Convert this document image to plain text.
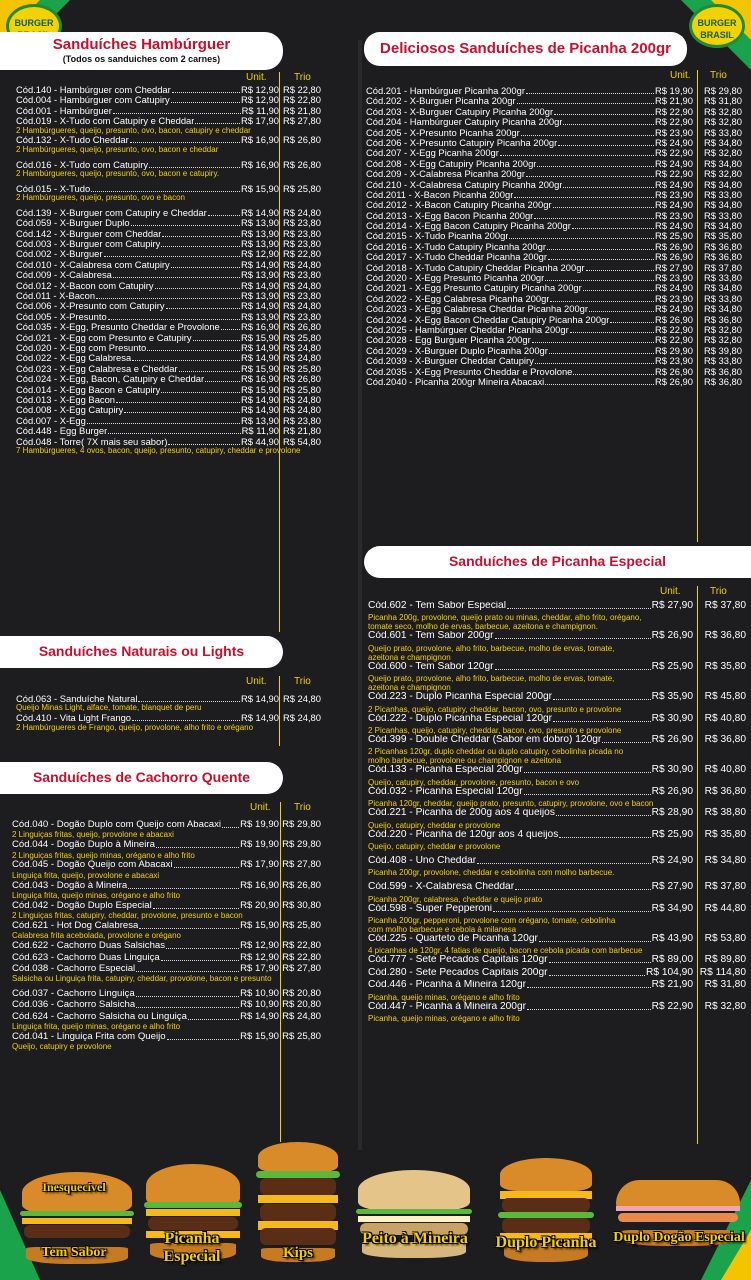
BURGER	BURGER BRASIL
Sanduíches Hambúrguer
(Todos os sanduiches com 2 carnes)
Unit.	Trio
Cód.140 - Hambúrguer com Cheddar	R$ 12,90 R$ 22,80
Cód.004 - Hambúrguer com Catupiry	R$ 12,90 R$ 22,80
Cód.001 - Hambúrguer	R$ 11,90 R$ 21,80
Cód.019 - X-Tudo com Catupiry e Cheddar	R$ 17,90 R$ 27,80
2 Hambúrgueres, queijo, presunto, ovo, bacon, catupiry e cheddar
Cód.132 - X-Tudo Cheddar	R$ 16,90 R$ 26,80
2 Hambúrgueres, queijo, presunto, ovo, bacon e cheddar
Cód.016 - X-Tudo com Catupiry	R$ 16,90 R$ 26,80
2 Hambúrgueres, queijo, presunto, ovo, bacon e catupiry.
Cód.015 - X-Tudo	R$ 15,90 R$ 25,80
2 Hambúrgueres, queijo, presunto, ovo e bacon
Cód.139 - X-Burguer com Catupiry e Cheddar	R$ 14,90 R$ 24,80
Cód.059 - X-Burguer Duplo	R$ 13,90 R$ 23,80
Cód.142 - X-Burguer com Cheddar	R$ 13,90 R$ 23,80
Cód.003 - X-Burguer com Catupiry	R$ 13,90 R$ 23,80
Cód.002 - X-Burguer	R$ 12,90 R$ 22,80
Cód.010 - X-Calabresa com Catupiry	R$ 14,90 R$ 24,80
Cód.009 - X-Calabresa	R$ 13,90 R$ 23,80
Cód.012 - X-Bacon com Catupiry	R$ 14,90 R$ 24,80
Cód.011 - X-Bacon	R$ 13,90 R$ 23,80
Cód.006 - X-Presunto com Catupiry	R$ 14,90 R$ 24,80
Cód.005 - X-Presunto	R$ 13,90 R$ 23,80
Cód.035 - X-Egg, Presunto Cheddar e Provolone R$ 16,90 R$ 26,80
Cód.021 - X-Egg com Presunto e Catupiry	R$ 15,90 R$ 25,80
Cód.020 - X-Egg com Presunto	R$ 14,90 R$ 24,80
Cód.022 - X-Egg Calabresa	R$ 14,90 R$ 24,80
Cód.023 - X-Egg Calabresa e Cheddar	R$ 15,90 R$ 25,80
Cód.024 - X-Egg, Bacon, Catupiry e Cheddar	R$ 16,90 R$ 26,80
Cód.014 - X-Egg Bacon e Catupiry	R$ 15,90 R$ 25,80
Cód.013 - X-Egg Bacon	R$ 14,90 R$ 24,80
Cód.008 - X-Egg Catupiry	R$ 14,90 R$ 24,80
Cód.007 - X-Egg	R$ 13,90 R$ 23,80
Cód.448 - Egg Burger	R$ 11,90 R$ 21,80
Cód.048 - Torre( 7X mais seu sabor)	R$ 44,90 R$ 54,80
7 Hambúrgueres, 4 ovos, bacon, queijo, presunto, catupiry, cheddar e provolone
Sanduíches Naturais ou Lights
Unit.	Trio
Cód.063 - Sanduíche Natural	R$ 14,90 R$ 24,80
Queijo Minas Light, alface, tomate, blanquet de peru
Cód.410 - Vita Light Frango	R$ 14,90 R$ 24,80
2 Hambúrgueres de Frango, queijo, provolone, alho frito e orégano
Sanduíches de Cachorro Quente
Unit. Trio
Cód.040 - Dogão Duplo com Queijo com Abacaxi R$ 19,90 R$ 29,80
2 Linguiças fritas, queijo, provolone e abacaxi
Cód.044 - Dogão Duplo à Mineira	R$ 19,90 R$ 29,80
2 Linguiças fritas, queijo minas, orégano e alho frito
Cód.045 - Dogão Queijo com Abacaxi	R$ 17,90 R$ 27,80
Linguiça frita, queijo, provolone e abacaxi
Cód.043 - Dogão à Mineira	R$ 16,90 R$ 26,80
Linguiça frita, queijo minas, orégano e alho frito
Cód.042 - Dogão Duplo Especial	R$ 20,90 R$ 30,80
2 Linguiças fritas, catupiry, cheddar, provolone, presunto e bacon
Cód.621 - Hot Dog Calabresa	R$ 15,90 R$ 25,80
Calabresa frita acebolada, provolone e orégano
Cód.622 - Cachorro Duas Salsichas	R$ 12,90 R$ 22,80
Cód.623 - Cachorro Duas Linguiça	R$ 12,90 R$ 22,80
Cód.038 - Cachorro Especial	R$ 17,90 R$ 27,80
Salsicha ou Linguiça frita, catupiry, cheddar, provolone, bacon e presunto
Cód.037 - Cachorro Linguiça	R$ 10,90 R$ 20,80
Cód.036 - Cachorro Salsicha	R$ 10,90 R$ 20,80
Cód.624 - Cachorro Salsicha ou Linguiça	R$ 14,90 R$ 24,80
Linguiça frita, queijo minas, orégano e alho frito
Cód.041 - Linguiça Frita com Queijo	R$ 15,90 R$ 25,80
Queijo, catupiry e provolone
Deliciosos Sanduíches de Picanha 200gr
Unit. Trio
Cód.201 - Hambúrguer Picanha 200gr	R$ 19,90 R$ 29,80
Cód.202 - X-Burguer Picanha 200gr	R$ 21,90 R$ 31,80
Cód.203 - X-Burguer Catupiry Picanha 200gr	R$ 22,90 R$ 32,80
Cód.204 - Hambúrguer Catupiry Picanha 200gr	R$ 22,90 R$ 32,80
Cód.205 - X-Presunto Picanha 200gr	R$ 23,90 R$ 33,80
Cód.206 - X-Presunto Catupiry Picanha 200gr	R$ 24,90 R$ 34,80
Cód.207 - X-Egg Picanha 200gr	R$ 22,90 R$ 32,80
Cód.208 - X-Egg Catupiry Picanha 200gr	R$ 24,90 R$ 34,80
Cód.209 - X-Calabresa Picanha 200gr	R$ 22,90 R$ 32,80
Cód.210 - X-Calabresa Catupiry Picanha 200gr	R$ 24,90 R$ 34,80
Cód.2011 - X-Bacon Picanha 200gr	R$ 23,90 R$ 33,80
Cód.2012 - X-Bacon Catupiry Picanha 200gr	R$ 24,90 R$ 34,80
Cód.2013 - X-Egg Bacon Picanha 200gr	R$ 23,90 R$ 33,80
Cód.2014 - X-Egg Bacon Catupiry Picanha 200gr	R$ 24,90 R$ 34,80
Cód.2015 - X-Tudo Picanha 200gr	R$ 25,90 R$ 35,80
Cód.2016 - X-Tudo Catupiry Picanha 200gr	R$ 26,90 R$ 36,80
Cód.2017 - X-Tudo Cheddar Picanha 200gr	R$ 26,90 R$ 36,80
Cód.2018 - X-Tudo Catupiry Cheddar Picanha 200gr	R$ 27,90 R$ 37,80
Cód.2020 - X-Egg Presunto Picanha 200gr	R$ 23,90 R$ 33,80
Cód.2021 - X-Egg Presunto Catupiry Picanha 200gr	R$ 24,90 R$ 34,80
Cód.2022 - X-Egg Calabresa Picanha 200gr	R$ 23,90 R$ 33,80
Cód.2023 - X-Egg Calabresa Cheddar Picanha 200gr	R$ 24,90 R$ 34,80
Cód.2024 - X-Egg Bacon Cheddar Catupiry Picanha 200gr	R$ 26,90 R$ 36,80
Cód.2025 - Hambúrguer Cheddar Picanha 200gr	R$ 22,90 R$ 32,80
Cód.2028 - Egg Burguer Picanha 200gr	R$ 22,90 R$ 32,80
Cód.2029 - X-Burguer Duplo Picanha 200gr	R$ 29,90 R$ 39,80
Cód.2039 - X-Burguer Cheddar Catupiry	R$ 23,90 R$ 33,80
Cód.2035 - X-Egg Presunto Cheddar e Provolone	R$ 26,90 R$ 36,80
Cód.2040 - Picanha 200gr Mineira Abacaxi	R$ 26,90 R$ 36,80
Sanduíches de Picanha Especial
Unit.	Trio
Cód.602 - Tem Sabor Especial	R$ 27,90 R$ 37,80
Picanha 200g, provolone, queijo prato ou minas, cheddar, alho frito, orégano,
tomate seco, molho de ervas, barbecue, azeitona e champignon.
Cód.601 - Tem Sabor 200gr	R$ 26,90 R$ 36,80
Queijo prato, provolone, alho frito, barbecue, molho de ervas, tomate,
azeitona e champignon
Cód.600 - Tem Sabor 120gr	R$ 25,90 R$ 35,80
Queijo prato, provolone, alho frito, barbecue, molho de ervas, tomate,
azeitona e champignon
Cód.223 - Duplo Picanha Especial 200gr	R$ 35,90 R$ 45,80
2 Picanhas, queijo, catupiry, cheddar, bacon, ovo, presunto e provolone
Cód.222 - Duplo Picanha Especial 120gr	R$ 30,90 R$ 40,80
2 Picanhas, queijo, catupiry, cheddar, bacon, ovo, presunto e provolone
Cód.399 - Double Cheddar (Sabor em dobro) 120gr	R$ 26,90 R$ 36,80
2 Picanhas 120gr, duplo cheddar ou duplo catupiry, cebolinha picada no
molho barbecue, provolone ou champignon e azeitona
Cód.133 - Picanha Especial 200gr	R$ 30,90 R$ 40,80
Queijo, catupiry, cheddar, provolone, presunto, bacon e ovo
Cód.032 - Picanha Especial 120gr	R$ 26,90 R$ 36,80
Picanha 120gr, cheddar, queijo prato, presunto, catupiry, provolone, ovo e bacon
Cód.221 - Picanha de 200g aos 4 queijos	R$ 28,90 R$ 38,80
Queijo, catupiry, cheddar e provolone
Cód.220 - Picanha de 120gr aos 4 queijos	R$ 25,90 R$ 35,80
Queijo, catupiry, cheddar e provolone
Cód.408 - Uno Cheddar	R$ 24,90 R$ 34,80
Picanha 200gr, provolone, cheddar e cebolinha com molho barbecue.
Cód.599 - X-Calabresa Cheddar	R$ 27,90 R$ 37,80
Picanha 200gr, calabresa, cheddar e queijo prato
Cód.598 - Super Pepperoni	R$ 34,90 R$ 44,80
Picanha 200gr, pepperoni, provolone com orégano, tomate, cebolinha
com molho barbecue e cebola à milanesa
Cód.225 - Quarteto de Picanha 120gr	R$ 43,90 R$ 53,80
4 picanhas de 120gr, 4 fatias de queijo, bacon e cebola picada com barbecue
Cód.777 - Sete Pecados Capitais 120gr	R$ 89,00 R$ 89,80
Cód.280 - Sete Pecados Capitais 200gr	R$ 104,90 R$ 114,80
Cód.446 - Picanha à Mineira 120gr	R$ 21,90 R$ 31,80
Picanha, queijo minas, orégano e alho frito
Cód.447 - Picanha à Mineira 200gr	R$ 22,90 R$ 32,80
Picanha, queijo minas, orégano e alho frito
Inesquecível
Tem Sabor
Picanha Especial	Kips
Peito à Mineira Duplo Picanha Duplo Dogão Especial
